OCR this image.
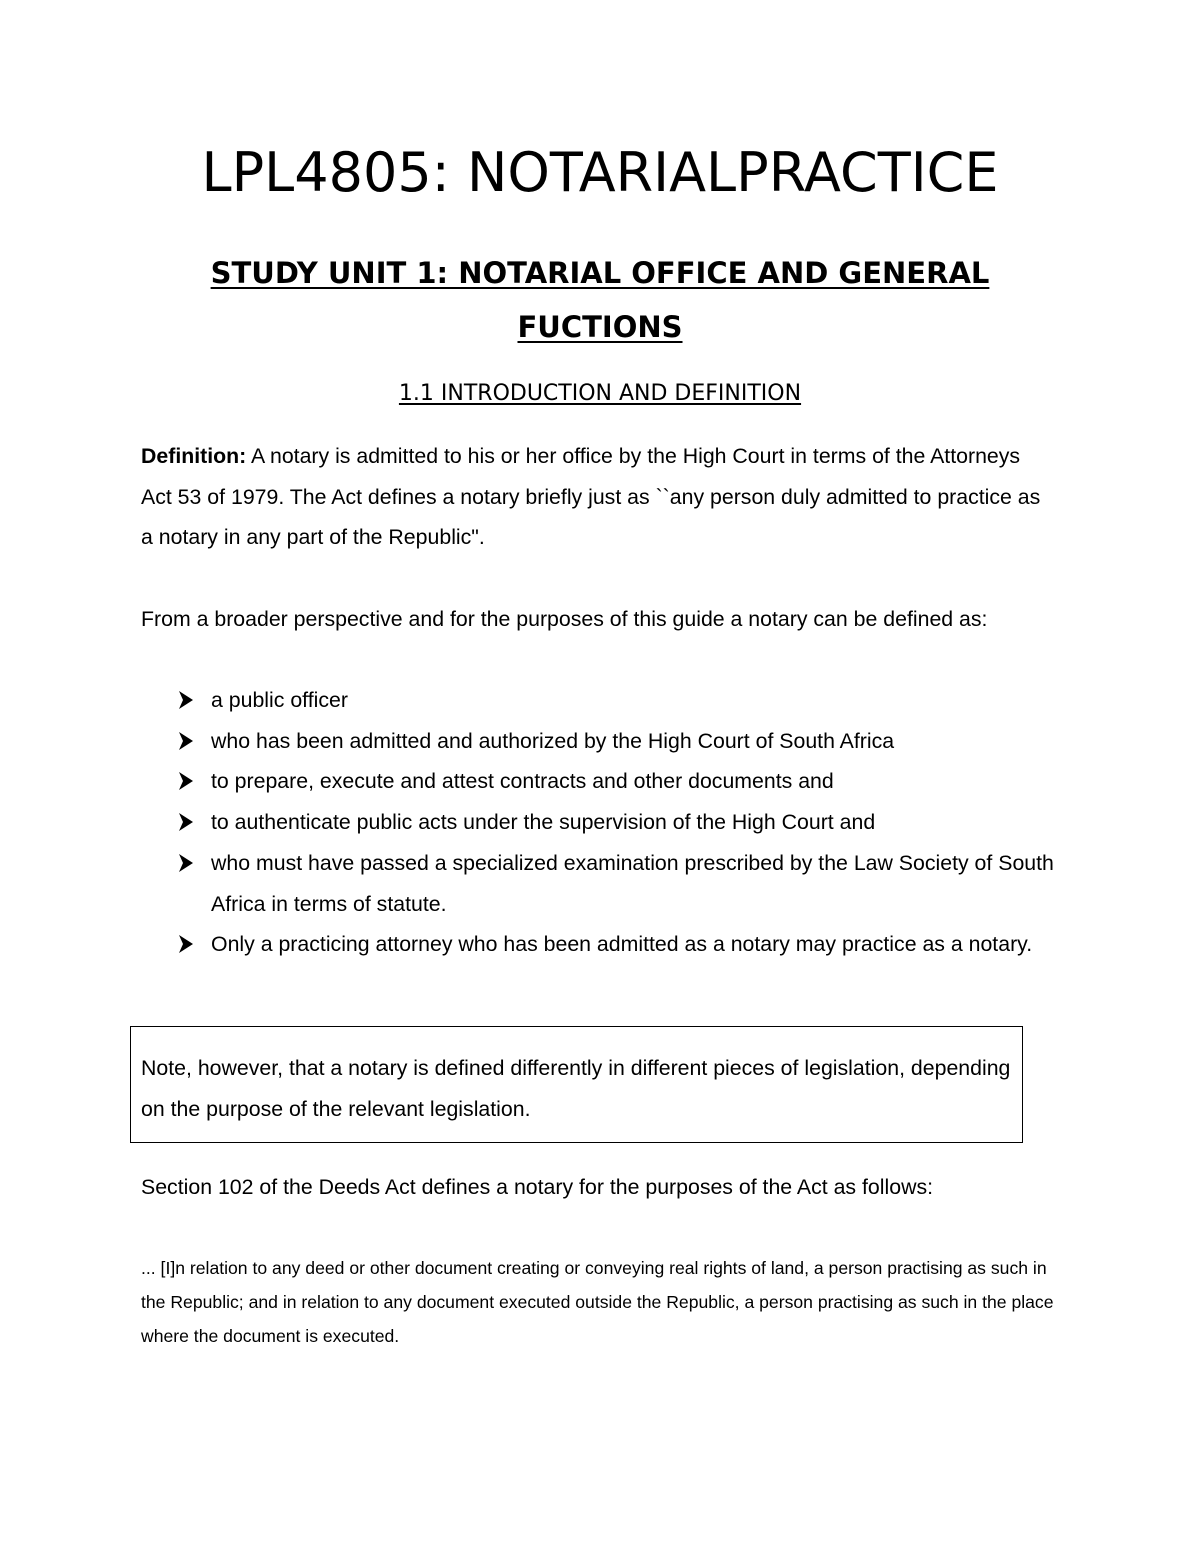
LPL4805: NOTARIALPRACTICE
STUDY UNIT 1: NOTARIAL OFFICE AND GENERAL FUCTIONS
1.1 INTRODUCTION AND DEFINITION

Definition: A notary is admitted to his or her office by the High Court in terms of the Attorneys Act 53 of 1979. The Act defines a notary briefly just as ``any person duly admitted to practice as a notary in any part of the Republic".

From a broader perspective and for the purposes of this guide a notary can be defined as:

a public officer
who has been admitted and authorized by the High Court of South Africa
to prepare, execute and attest contracts and other documents and
to authenticate public acts under the supervision of the High Court and
who must have passed a specialized examination prescribed by the Law Society of South Africa in terms of statute.
Only a practicing attorney who has been admitted as a notary may practice as a notary.

Note, however, that a notary is defined differently in different pieces of legislation, depending on the purpose of the relevant legislation.

Section 102 of the Deeds Act defines a notary for the purposes of the Act as follows:

... [I]n relation to any deed or other document creating or conveying real rights of land, a person practising as such in the Republic; and in relation to any document executed outside the Republic, a person practising as such in the place where the document is executed.
